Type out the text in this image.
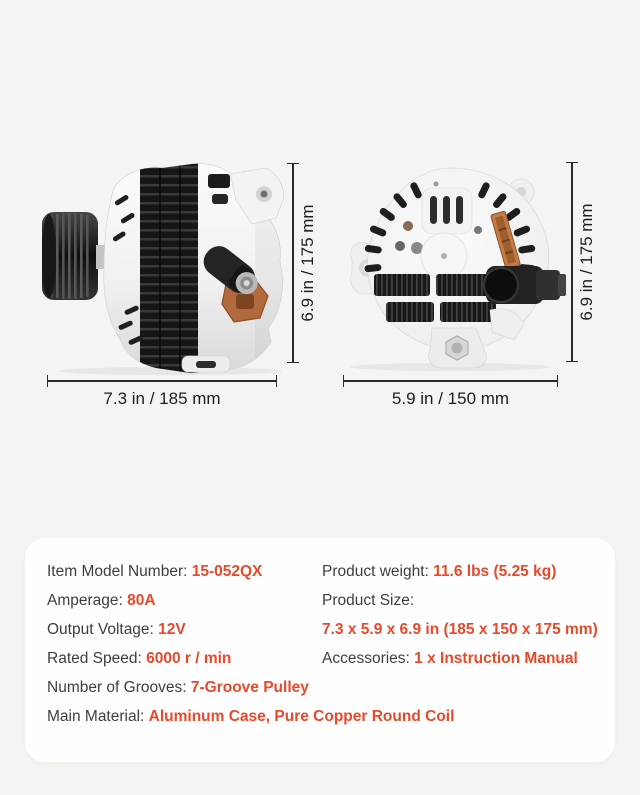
6.9 in / 175 mm	6.9 in / 175 mm
7.3 in / 185 mm	5.9 in / 150 mm
Item Model Number: 15-052QX
Amperage: 80A
Output Voltage: 12V
Rated Speed: 6000 r / min
Number of Grooves: 7-Groove Pulley
Main Material: Aluminum Case, Pure Copper Round Coil
Product weight: 11.6 lbs (5.25 kg)
Product Size:
7.3 x 5.9 x 6.9 in (185 x 150 x 175 mm)
Accessories: 1 x Instruction Manual
